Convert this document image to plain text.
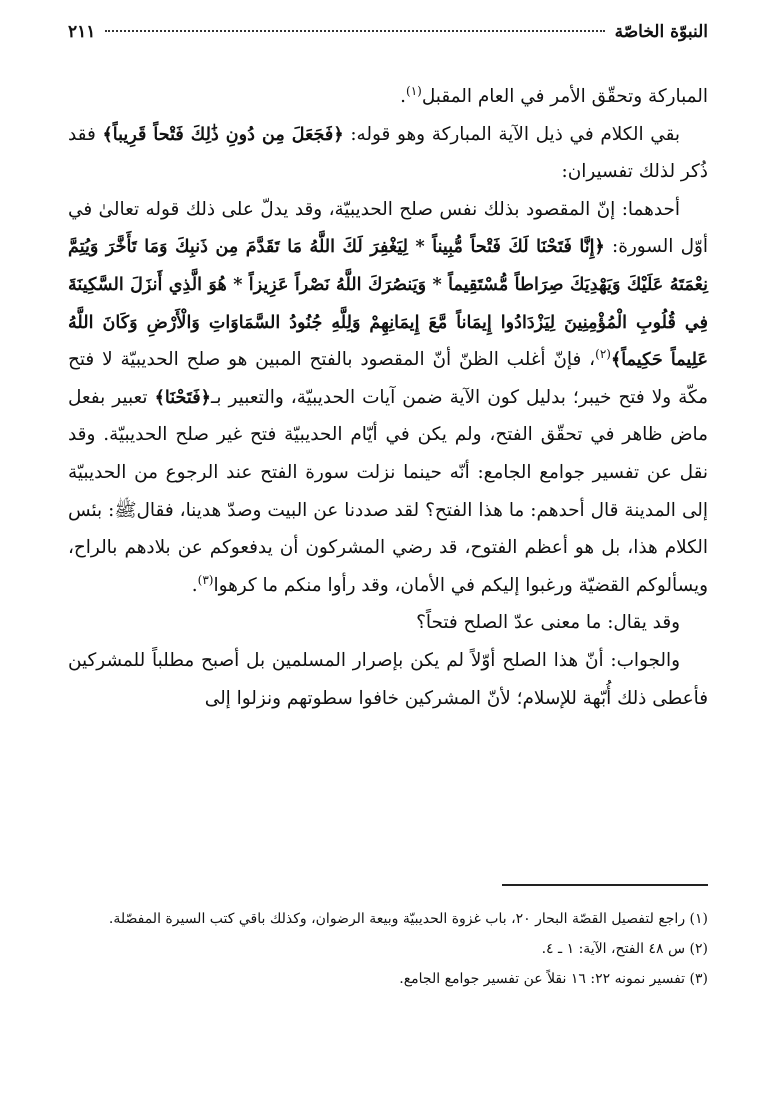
النبوّة الخاصّة
٢١١

المباركة وتحقّق الأمر في العام المقبل$^{(١)}$.

بقي الكلام في ذيل الآية المباركة وهو قوله: ﴿فَجَعَلَ مِن دُونِ ذَٰلِكَ فَتْحاً قَرِيباً﴾ فقد ذُكر لذلك تفسيران:

أحدهما: إنّ المقصود بذلك نفس صلح الحديبيّة، وقد يدلّ على ذلك قوله تعالىٰ في أوّل السورة: ﴿إِنَّا فَتَحْنَا لَكَ فَتْحاً مُّبِيناً * لِيَغْفِرَ لَكَ اللَّهُ مَا تَقَدَّمَ مِن ذَنبِكَ وَمَا تَأَخَّرَ وَيُتِمَّ نِعْمَتَهُ عَلَيْكَ وَيَهْدِيَكَ صِرَاطاً مُّسْتَقِيماً * وَيَنصُرَكَ اللَّهُ نَصْراً عَزِيزاً * هُوَ الَّذِي أَنزَلَ السَّكِينَةَ فِي قُلُوبِ الْمُؤْمِنِينَ لِيَزْدَادُوا إِيمَاناً مَّعَ إِيمَانِهِمْ وَلِلَّهِ جُنُودُ السَّمَاوَاتِ وَالْأَرْضِ وَكَانَ اللَّهُ عَلِيماً حَكِيماً﴾$^{(٢)}$، فإنّ أغلب الظنّ أنّ المقصود بالفتح المبين هو صلح الحديبيّة لا فتح مكّة ولا فتح خيبر؛ بدليل كون الآية ضمن آيات الحديبيّة، والتعبير بـ﴿فَتَحْنَا﴾ تعبير بفعل ماض ظاهر في تحقّق الفتح، ولم يكن في أيّام الحديبيّة فتح غير صلح الحديبيّة. وقد نقل عن تفسير جوامع الجامع: أنّه حينما نزلت سورة الفتح عند الرجوع من الحديبيّة إلى المدينة قال أحدهم: ما هذا الفتح؟ لقد صددنا عن البيت وصدّ هدينا، فقالﷺ: بئس الكلام هذا، بل هو أعظم الفتوح، قد رضي المشركون أن يدفعوكم عن بلادهم بالراح، ويسألوكم القضيّة ورغبوا إليكم في الأمان، وقد رأوا منكم ما كرهوا$^{(٣)}$.

وقد يقال: ما معنى عدّ الصلح فتحاً؟

والجواب: أنّ هذا الصلح أوّلاً لم يكن بإصرار المسلمين بل أصبح مطلباً للمشركين فأعطى ذلك أُبّهة للإسلام؛ لأنّ المشركين خافوا سطوتهم ونزلوا إلى

(١) راجع لتفصيل القصّة البحار ٢٠، باب غزوة الحديبيّة وبيعة الرضوان، وكذلك باقي كتب السيرة المفصّلة.

(٢) س ٤٨ الفتح، الآية: ١ ـ ٤.

(٣) تفسير نمونه ٢٢: ١٦ نقلاً عن تفسير جوامع الجامع.
